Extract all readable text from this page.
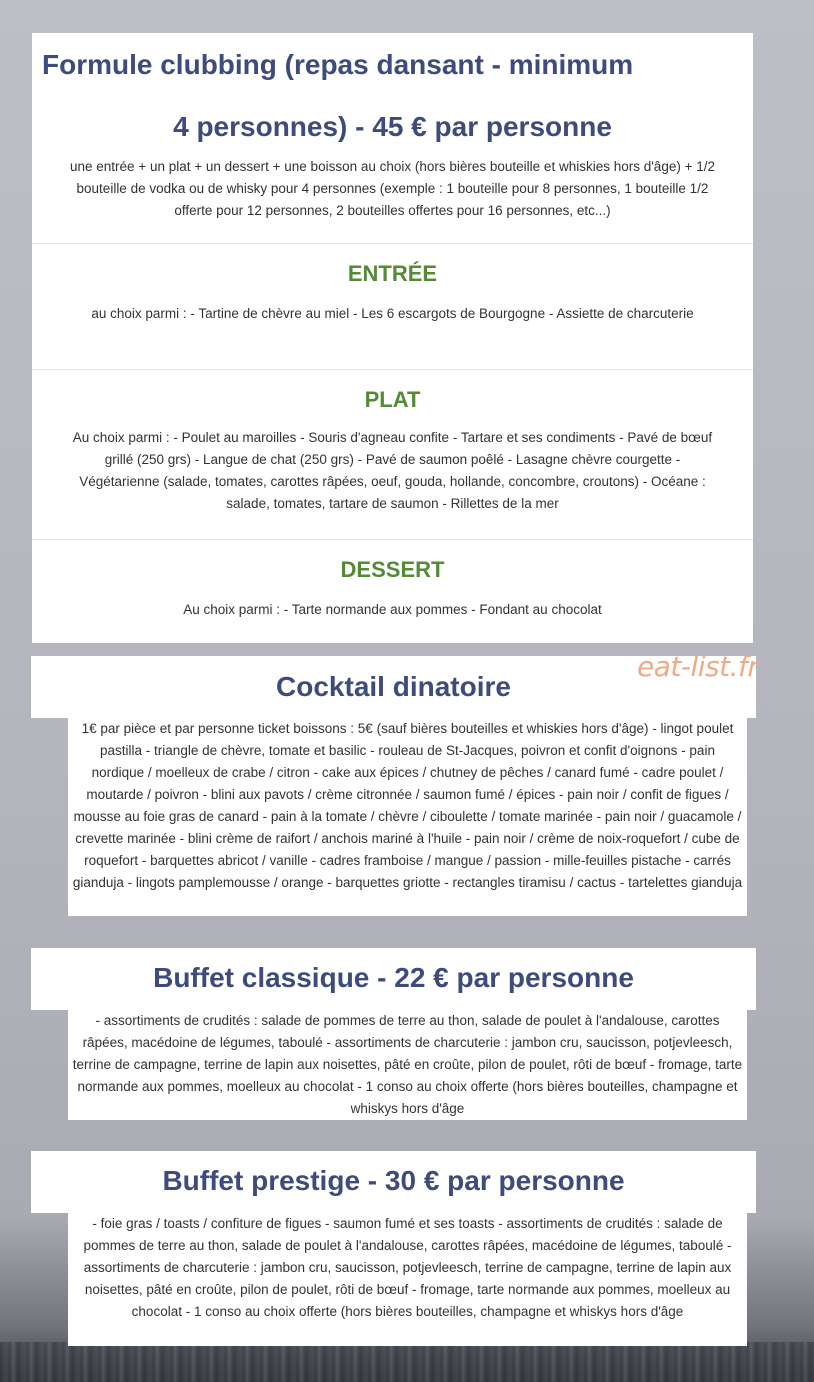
Formule clubbing (repas dansant - minimum
4 personnes) - 45 € par personne

une entrée + un plat + un dessert + une boisson au choix (hors bières bouteille et whiskies hors d'âge) + 1/2 bouteille de vodka ou de whisky pour 4 personnes (exemple : 1 bouteille pour 8 personnes, 1 bouteille 1/2 offerte pour 12 personnes, 2 bouteilles offertes pour 16 personnes, etc...)

ENTRÉE

au choix parmi : - Tartine de chèvre au miel - Les 6 escargots de Bourgogne - Assiette de charcuterie

PLAT

Au choix parmi : - Poulet au maroilles - Souris d'agneau confite - Tartare et ses condiments - Pavé de bœuf grillé (250 grs) - Langue de chat (250 grs) - Pavé de saumon poêlé - Lasagne chèvre courgette - Végétarienne (salade, tomates, carottes râpées, oeuf, gouda, hollande, concombre, croutons) - Océane : salade, tomates, tartare de saumon - Rillettes de la mer

DESSERT

Au choix parmi : - Tarte normande aux pommes - Fondant au chocolat

Cocktail dinatoire
eat-list.fr
1€ par pièce et par personne ticket boissons : 5€ (sauf bières bouteilles et whiskies hors d'âge) - lingot poulet pastilla - triangle de chèvre, tomate et basilic - rouleau de St-Jacques, poivron et confit d'oignons - pain nordique / moelleux de crabe / citron - cake aux épices / chutney de pêches / canard fumé - cadre poulet / moutarde / poivron - blini aux pavots / crème citronnée / saumon fumé / épices - pain noir / confit de figues / mousse au foie gras de canard - pain à la tomate / chèvre / ciboulette / tomate marinée - pain noir / guacamole / crevette marinée - blini crème de raifort / anchois mariné à l'huile - pain noir / crème de noix-roquefort / cube de roquefort - barquettes abricot / vanille - cadres framboise / mangue / passion - mille-feuilles pistache - carrés gianduja - lingots pamplemousse / orange - barquettes griotte - rectangles tiramisu / cactus - tartelettes gianduja
Buffet classique - 22 € par personne
- assortiments de crudités : salade de pommes de terre au thon, salade de poulet à l'andalouse, carottes râpées, macédoine de légumes, taboulé - assortiments de charcuterie : jambon cru, saucisson, potjevleesch, terrine de campagne, terrine de lapin aux noisettes, pâté en croûte, pilon de poulet, rôti de bœuf - fromage, tarte normande aux pommes, moelleux au chocolat - 1 conso au choix offerte (hors bières bouteilles, champagne et whiskys hors d'âge
Buffet prestige - 30 € par personne
- foie gras / toasts / confiture de figues - saumon fumé et ses toasts - assortiments de crudités : salade de pommes de terre au thon, salade de poulet à l'andalouse, carottes râpées, macédoine de légumes, taboulé - assortiments de charcuterie : jambon cru, saucisson, potjevleesch, terrine de campagne, terrine de lapin aux noisettes, pâté en croûte, pilon de poulet, rôti de bœuf - fromage, tarte normande aux pommes, moelleux au chocolat - 1 conso au choix offerte (hors bières bouteilles, champagne et whiskys hors d'âge
